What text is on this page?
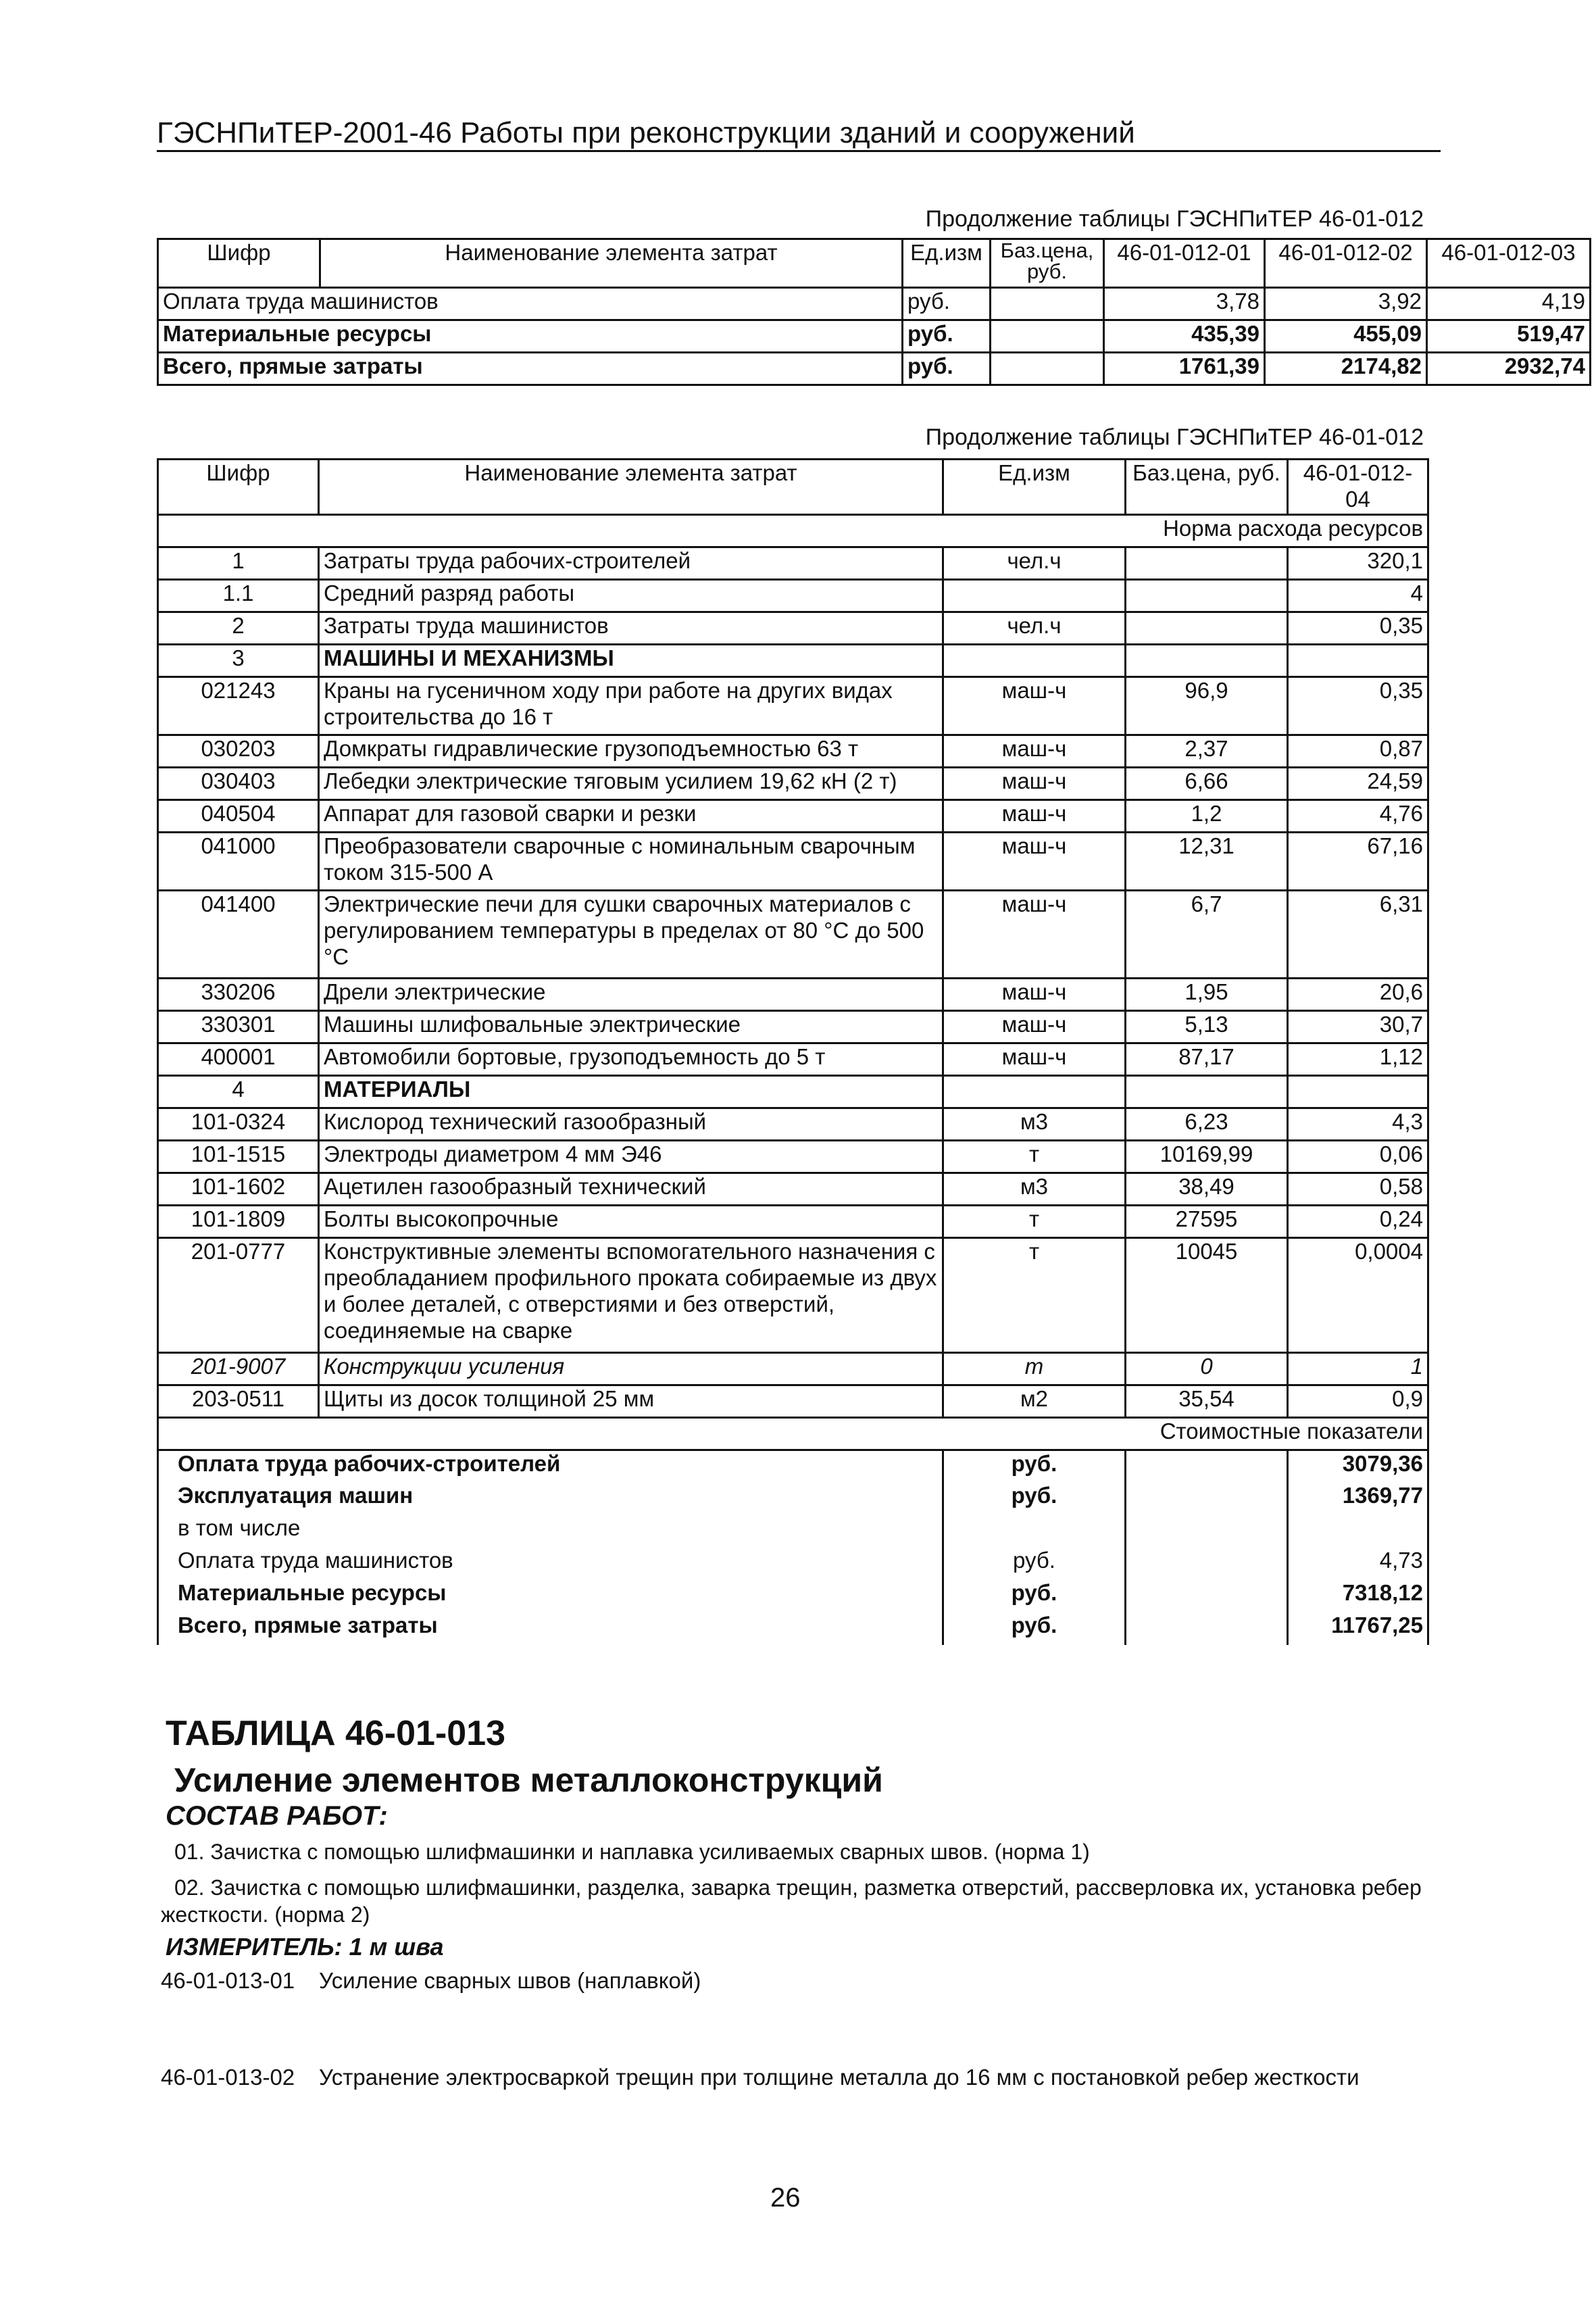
ГЭСНПиТЕР-2001-46 Работы при реконструкции зданий и сооружений
Продолжение таблицы ГЭСНПиТЕР 46-01-012
Шифр	Наименование элемента затрат	Ед.изм	Баз.цена, руб.	46-01-012-01	46-01-012-02	46-01-012-03
Оплата труда машинистов		руб.		3,78	3,92	4,19
Материальные ресурсы		руб.		435,39	455,09	519,47
Всего, прямые затраты		руб.		1761,39	2174,82	2932,74
Продолжение таблицы ГЭСНПиТЕР 46-01-012
Шифр	Наименование элемента затрат	Ед.изм	Баз.цена, руб.	46-01-012-04
Норма расхода ресурсов				
1	Затраты труда рабочих-строителей	чел.ч		320,1
1.1	Средний разряд работы			4
2	Затраты труда машинистов	чел.ч		0,35
3	МАШИНЫ И МЕХАНИЗМЫ			
021243	Краны на гусеничном ходу при работе на других видах строительства до 16 т	маш-ч	96,9	0,35
030203	Домкраты гидравлические грузоподъемностью 63 т	маш-ч	2,37	0,87
030403	Лебедки электрические тяговым усилием 19,62 кН (2 т)	маш-ч	6,66	24,59
040504	Аппарат для газовой сварки и резки	маш-ч	1,2	4,76
041000	Преобразователи сварочные с номинальным сварочным током 315-500 А	маш-ч	12,31	67,16
041400	Электрические печи для сушки сварочных материалов с регулированием температуры в пределах от 80 °С до 500 °С	маш-ч	6,7	6,31
330206	Дрели электрические	маш-ч	1,95	20,6
330301	Машины шлифовальные электрические	маш-ч	5,13	30,7
400001	Автомобили бортовые, грузоподъемность до 5 т	маш-ч	87,17	1,12
4	МАТЕРИАЛЫ			
101-0324	Кислород технический газообразный	м3	6,23	4,3
101-1515	Электроды диаметром 4 мм Э46	т	10169,99	0,06
101-1602	Ацетилен газообразный технический	м3	38,49	0,58
101-1809	Болты высокопрочные	т	27595	0,24
201-0777	Конструктивные элементы вспомогательного назначения с преобладанием профильного проката собираемые из двух и более деталей, с отверстиями и без отверстий, соединяемые на сварке	т	10045	0,0004
201-9007	Конструкции усиления	т	0	1
203-0511	Щиты из досок толщиной 25 мм	м2	35,54	0,9
Стоимостные показатели				
Оплата труда рабочих-строителей		руб.		3079,36
Эксплуатация машин		руб.		1369,77
в том числе				
Оплата труда машинистов		руб.		4,73
Материальные ресурсы		руб.		7318,12
Всего, прямые затраты		руб.		11767,25
ТАБЛИЦА 46-01-013
Усиление элементов металлоконструкций
СОСТАВ РАБОТ:
01. Зачистка с помощью шлифмашинки и наплавка усиливаемых сварных швов. (норма 1)
02. Зачистка с помощью шлифмашинки, разделка, заварка трещин, разметка отверстий, рассверловка их, установка ребер
жесткости. (норма 2)
ИЗМЕРИТЕЛЬ: 1 м шва
46-01-013-01 Усиление сварных швов (наплавкой)
46-01-013-02 Устранение электросваркой трещин при толщине металла до 16 мм с постановкой ребер жесткости
26
